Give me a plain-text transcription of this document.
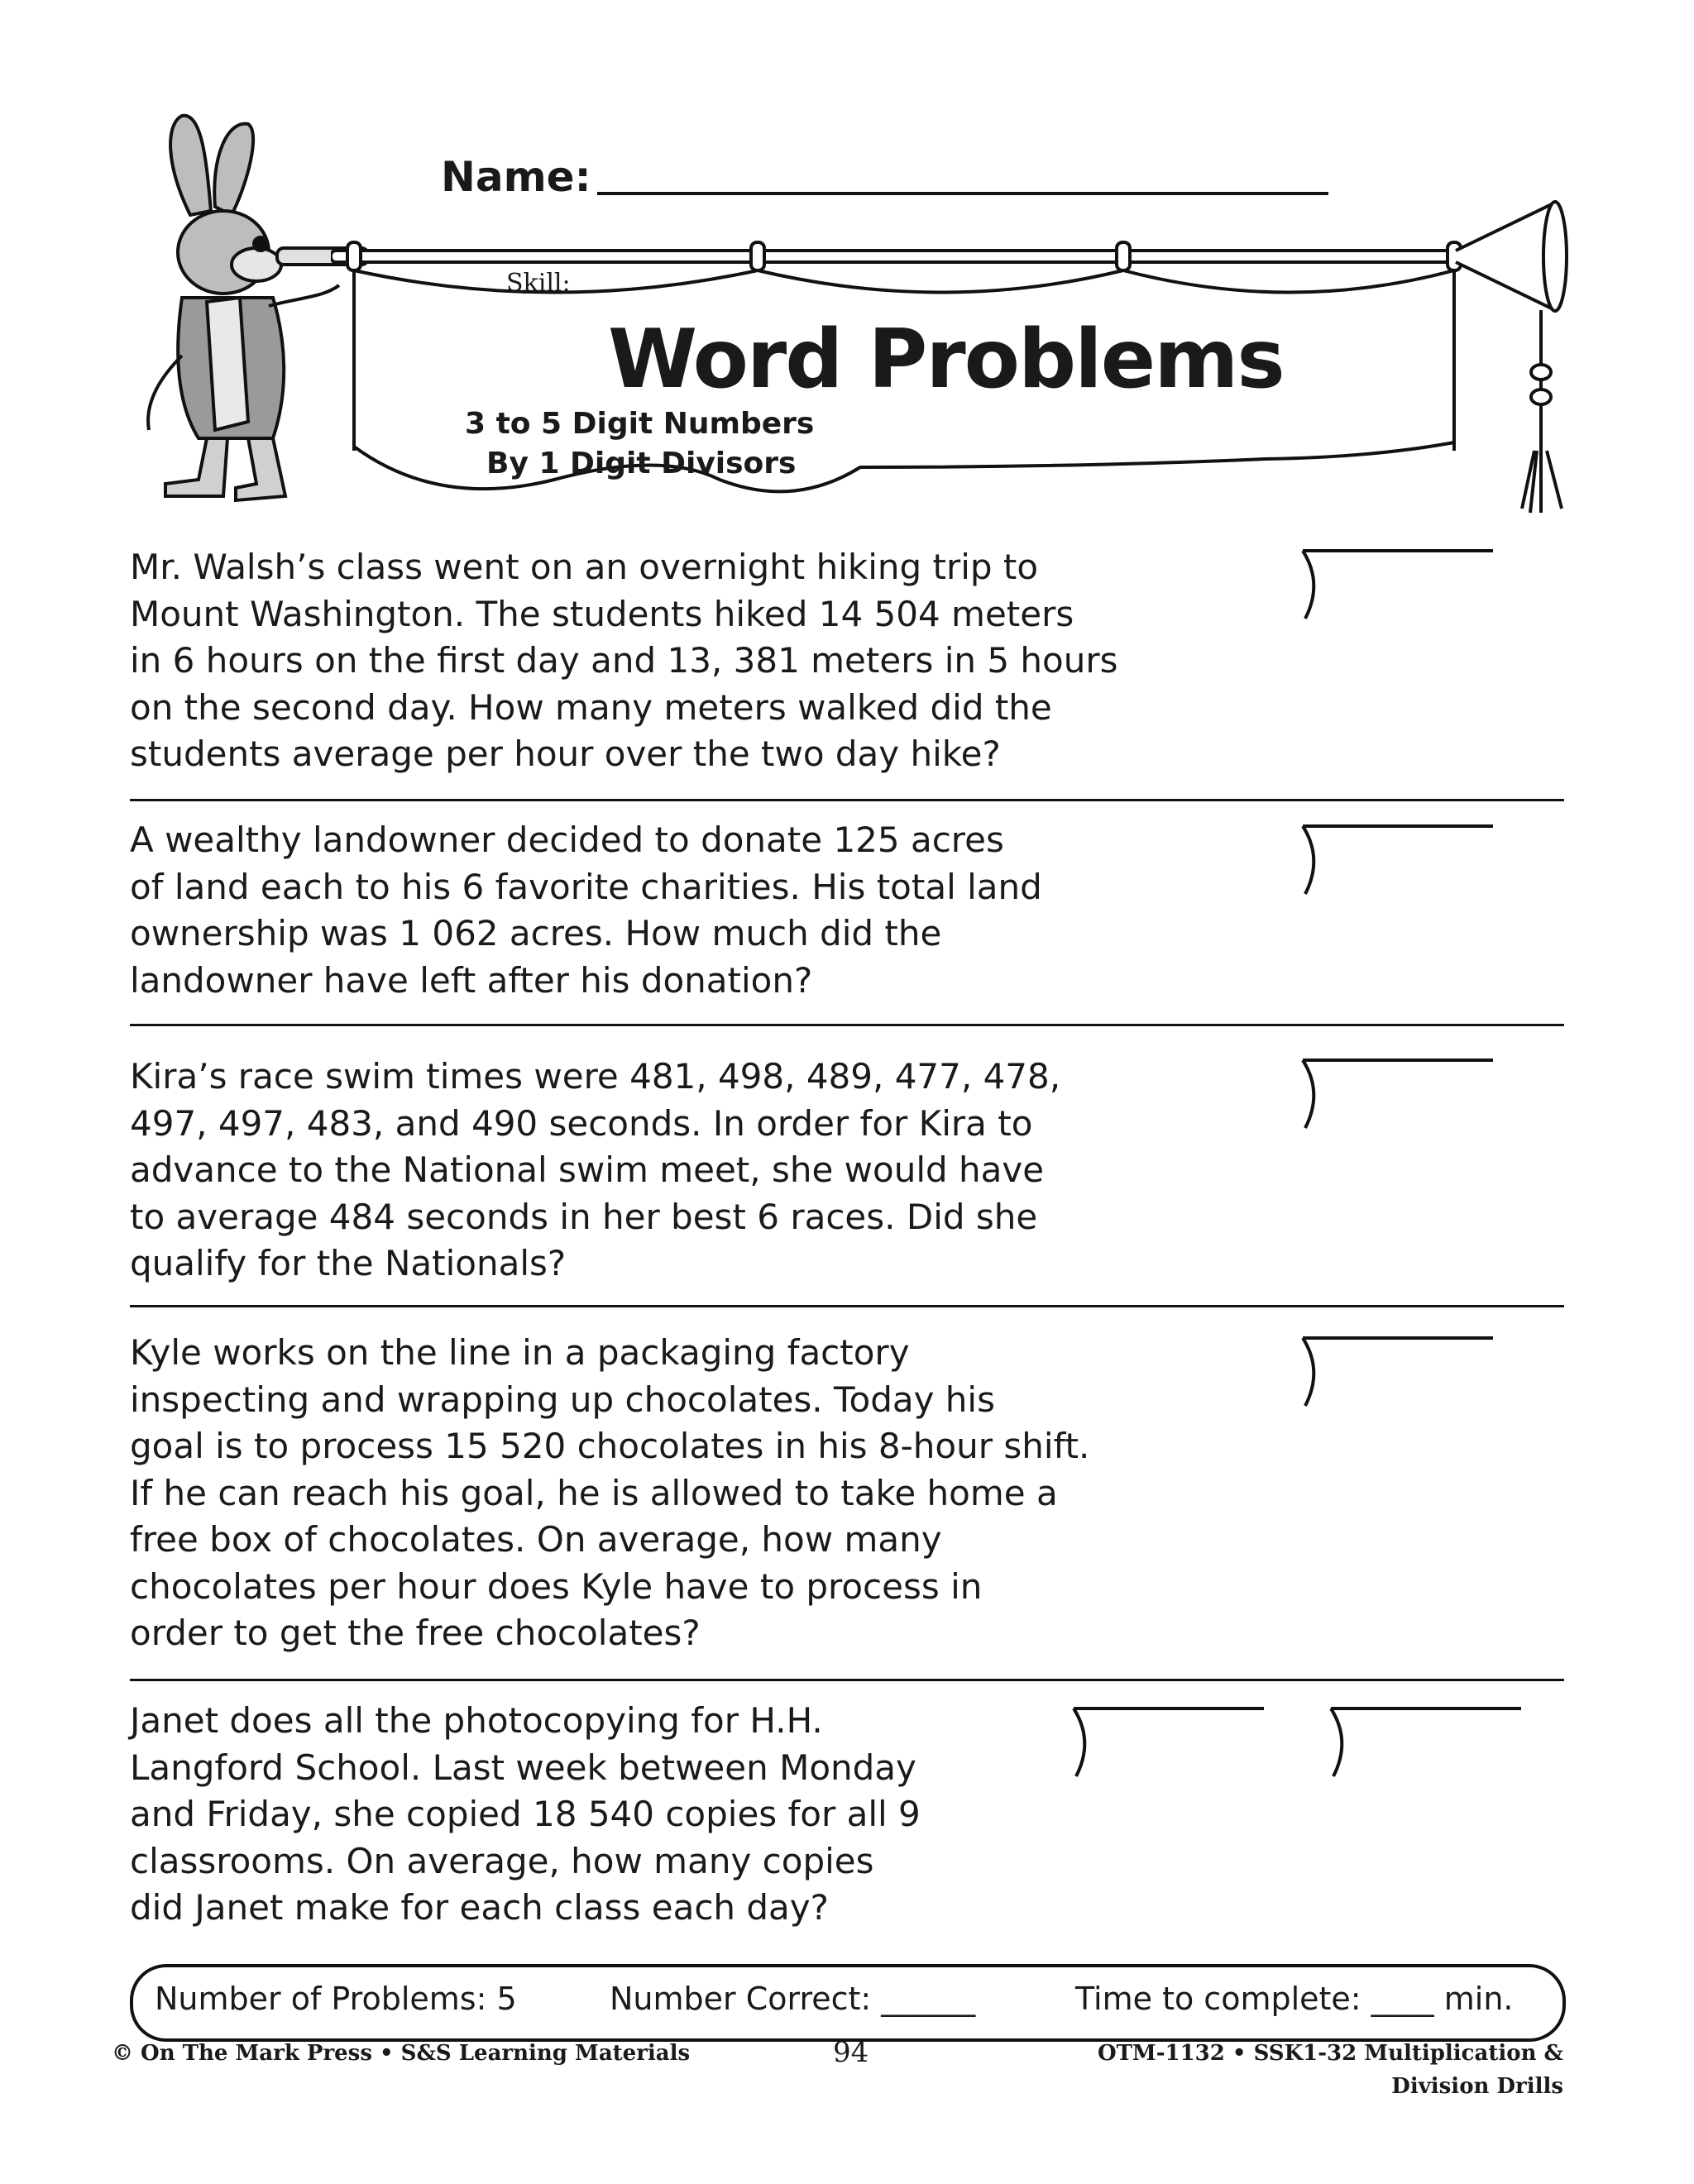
Name:
Skill:
Word Problems
3 to 5 Digit Numbers
By 1 Digit Divisors
Mr. Walsh’s class went on an overnight hiking trip to
Mount Washington. The students hiked 14 504 meters
in 6 hours on the first day and 13, 381 meters in 5 hours
on the second day. How many meters walked did the
students average per hour over the two day hike?
A wealthy landowner decided to donate 125 acres
of land each to his 6 favorite charities. His total land
ownership was 1 062 acres. How much did the
landowner have left after his donation?
Kira’s race swim times were 481, 498, 489, 477, 478,
497, 497, 483, and 490 seconds. In order for Kira to
advance to the National swim meet, she would have
to average 484 seconds in her best 6 races. Did she
qualify for the Nationals?
Kyle works on the line in a packaging factory
inspecting and wrapping up chocolates. Today his
goal is to process 15 520 chocolates in his 8-hour shift.
If he can reach his goal, he is allowed to take home a
free box of chocolates. On average, how many
chocolates per hour does Kyle have to process in
order to get the free chocolates?
Janet does all the photocopying for H.H.
Langford School. Last week between Monday
and Friday, she copied 18 540 copies for all 9
classrooms. On average, how many copies
did Janet make for each class each day?
Number of Problems: 5	Number Correct: ______	Time to complete: ____ min.
© On The Mark Press • S&S Learning Materials	94	OTM-1132 • SSK1-32 Multiplication &
Division Drills
